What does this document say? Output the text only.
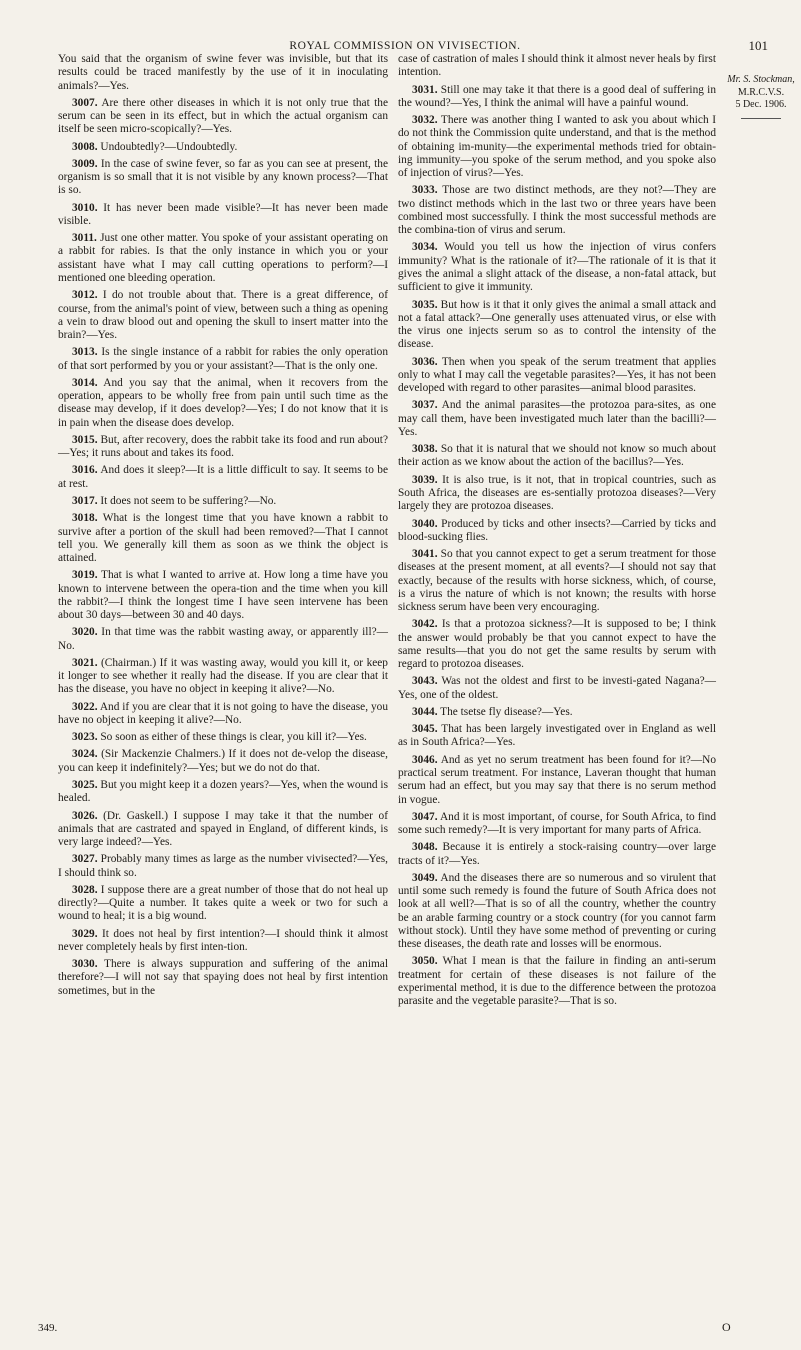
ROYAL COMMISSION ON VIVISECTION.	101

You said that the organism of swine fever was invisible, but that its results could be traced manifestly by the use of it in inoculating animals?—Yes.

3007. Are there other diseases in which it is not only true that the serum can be seen in its effect, but in which the actual organism can itself be seen micro-scopically?—Yes.

3008. Undoubtedly?—Undoubtedly.

3009. In the case of swine fever, so far as you can see at present, the organism is so small that it is not visible by any known process?—That is so.

3010. It has never been made visible?—It has never been made visible.

3011. Just one other matter. You spoke of your assistant operating on a rabbit for rabies. Is that the only instance in which you or your assistant have what I may call cutting operations to perform?—I mentioned one bleeding operation.

3012. I do not trouble about that. There is a great difference, of course, from the animal's point of view, between such a thing as opening a vein to draw blood out and opening the skull to insert matter into the brain?—Yes.

3013. Is the single instance of a rabbit for rabies the only operation of that sort performed by you or your assistant?—That is the only one.

3014. And you say that the animal, when it recovers from the operation, appears to be wholly free from pain until such time as the disease may develop, if it does develop?—Yes; I do not know that it is in pain when the disease does develop.

3015. But, after recovery, does the rabbit take its food and run about?—Yes; it runs about and takes its food.

3016. And does it sleep?—It is a little difficult to say. It seems to be at rest.

3017. It does not seem to be suffering?—No.

3018. What is the longest time that you have known a rabbit to survive after a portion of the skull had been removed?—That I cannot tell you. We generally kill them as soon as we think the object is attained.

3019. That is what I wanted to arrive at. How long a time have you known to intervene between the opera-tion and the time when you kill the rabbit?—I think the longest time I have seen intervene has been about 30 days—between 30 and 40 days.

3020. In that time was the rabbit wasting away, or apparently ill?—No.

3021. (Chairman.) If it was wasting away, would you kill it, or keep it longer to see whether it really had the disease. If you are clear that it has the disease, you have no object in keeping it alive?—No.

3022. And if you are clear that it is not going to have the disease, you have no object in keeping it alive?—No.

3023. So soon as either of these things is clear, you kill it?—Yes.

3024. (Sir Mackenzie Chalmers.) If it does not de-velop the disease, you can keep it indefinitely?—Yes; but we do not do that.

3025. But you might keep it a dozen years?—Yes, when the wound is healed.

3026. (Dr. Gaskell.) I suppose I may take it that the number of animals that are castrated and spayed in England, of different kinds, is very large indeed?—Yes.

3027. Probably many times as large as the number vivisected?—Yes, I should think so.

3028. I suppose there are a great number of those that do not heal up directly?—Quite a number. It takes quite a week or two for such a wound to heal; it is a big wound.

3029. It does not heal by first intention?—I should think it almost never completely heals by first inten-tion.

3030. There is always suppuration and suffering of the animal therefore?—I will not say that spaying does not heal by first intention sometimes, but in the

case of castration of males I should think it almost never heals by first intention.

3031. Still one may take it that there is a good deal of suffering in the wound?—Yes, I think the animal will have a painful wound.

3032. There was another thing I wanted to ask you about which I do not think the Commission quite understand, and that is the method of obtaining im-munity—the experimental methods tried for obtain-ing immunity—you spoke of the serum method, and you spoke also of injection of virus?—Yes.

3033. Those are two distinct methods, are they not?—They are two distinct methods which in the last two or three years have been combined most successfully. I think the most successful methods are the combina-tion of virus and serum.

3034. Would you tell us how the injection of virus confers immunity? What is the rationale of it?—The rationale of it is that it gives the animal a slight attack of the disease, a non-fatal attack, but sufficient to give it immunity.

3035. But how is it that it only gives the animal a small attack and not a fatal attack?—One generally uses attenuated virus, or else with the virus one injects serum so as to control the intensity of the disease.

3036. Then when you speak of the serum treatment that applies only to what I may call the vegetable parasites?—Yes, it has not been developed with regard to other parasites—animal blood parasites.

3037. And the animal parasites—the protozoa para-sites, as one may call them, have been investigated much later than the bacilli?—Yes.

3038. So that it is natural that we should not know so much about their action as we know about the action of the bacillus?—Yes.

3039. It is also true, is it not, that in tropical countries, such as South Africa, the diseases are es-sentially protozoa diseases?—Very largely they are protozoa diseases.

3040. Produced by ticks and other insects?—Carried by ticks and blood-sucking flies.

3041. So that you cannot expect to get a serum treatment for those diseases at the present moment, at all events?—I should not say that exactly, because of the results with horse sickness, which, of course, is a virus the nature of which is not known; the results with horse sickness serum have been very encouraging.

3042. Is that a protozoa sickness?—It is supposed to be; I think the answer would probably be that you cannot expect to have the same results—that you do not get the same results by serum with regard to protozoa diseases.

3043. Was not the oldest and first to be investi-gated Nagana?—Yes, one of the oldest.

3044. The tsetse fly disease?—Yes.

3045. That has been largely investigated over in England as well as in South Africa?—Yes.

3046. And as yet no serum treatment has been found for it?—No practical serum treatment. For instance, Laveran thought that human serum had an effect, but you may say that there is no serum method in vogue.

3047. And it is most important, of course, for South Africa, to find some such remedy?—It is very important for many parts of Africa.

3048. Because it is entirely a stock-raising country—over large tracts of it?—Yes.

3049. And the diseases there are so numerous and so virulent that until some such remedy is found the future of South Africa does not look at all well?—That is so of all the country, whether the country be an arable farming country or a stock country (for you cannot farm without stock). Until they have some method of preventing or curing these diseases, the death rate and losses will be enormous.

3050. What I mean is that the failure in finding an anti-serum treatment for certain of these diseases is not failure of the experimental method, it is due to the difference between the protozoa parasite and the vegetable parasite?—That is so.

Mr. S. Stockman,
M.R.C.V.S.
5 Dec. 1906.
349.	O
